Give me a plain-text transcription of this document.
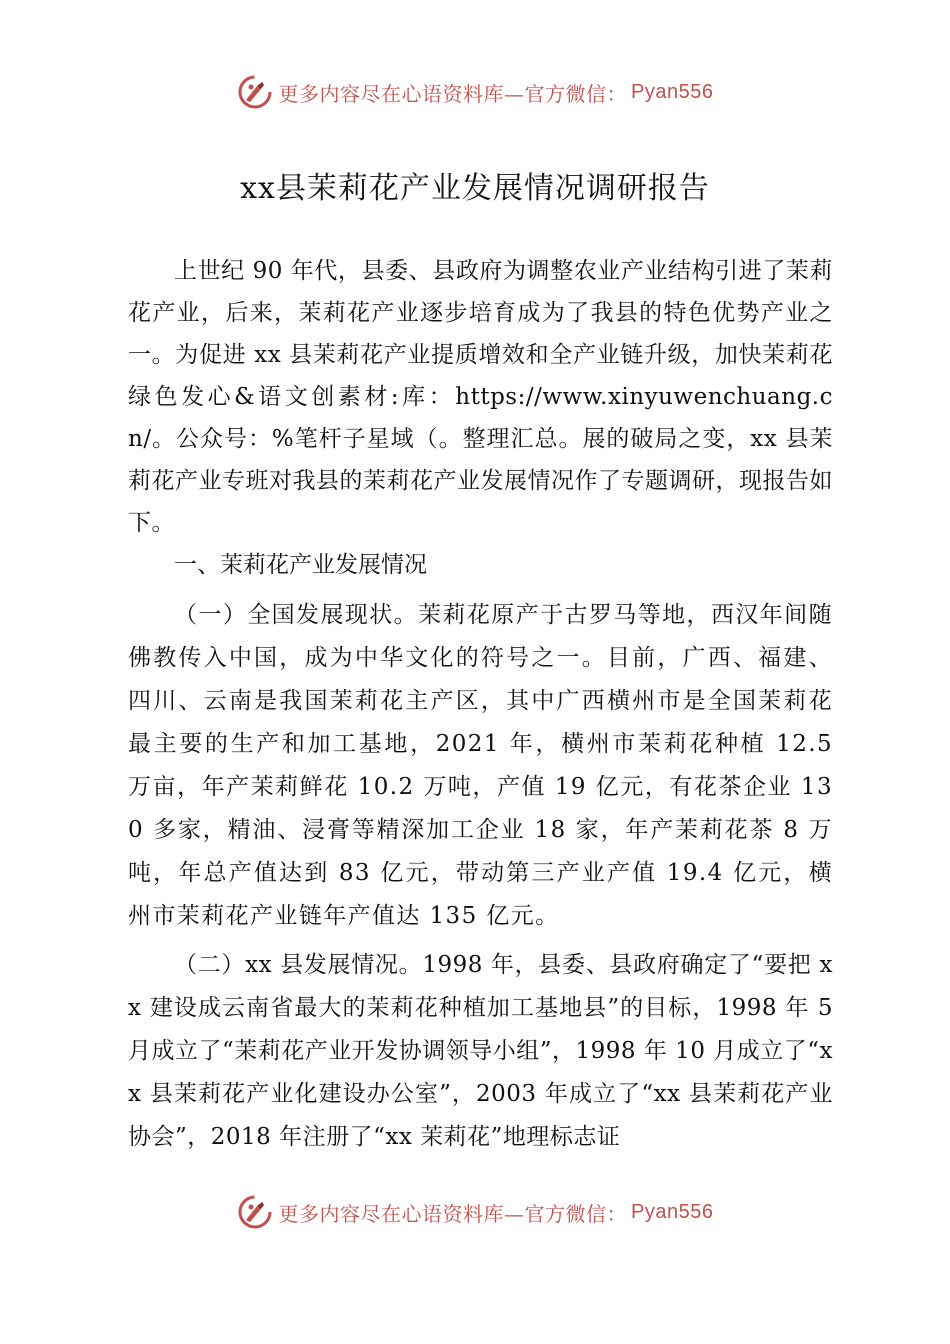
更多内容尽在心语资料库—官方微信： Pyan556
xx县茉莉花产业发展情况调研报告

上世纪 90 年代，县委、县政府为调整农业产业结构引进了茉莉花产业，后来，茉莉花产业逐步培育成为了我县的特色优势产业之一。为促进 xx 县茉莉花产业提质增效和全产业链升级，加快茉莉花绿色发心&语文创素材:库：https://www.xinyuwenchuang.cn/。公众号：%笔杆子星域（。整理汇总。展的破局之变，xx 县茉莉花产业专班对我县的茉莉花产业发展情况作了专题调研，现报告如下。

一、茉莉花产业发展情况

（一）全国发展现状。茉莉花原产于古罗马等地，西汉年间随佛教传入中国，成为中华文化的符号之一。目前，广西、福建、四川、云南是我国茉莉花主产区，其中广西横州市是全国茉莉花最主要的生产和加工基地，2021 年，横州市茉莉花种植 12.5 万亩，年产茉莉鲜花 10.2 万吨，产值 19 亿元，有花茶企业 130 多家，精油、浸膏等精深加工企业 18 家，年产茉莉花茶 8 万吨，年总产值达到 83 亿元，带动第三产业产值 19.4 亿元，横州市茉莉花产业链年产值达 135 亿元。

（二）xx 县发展情况。1998 年，县委、县政府确定了“要把 xx 建设成云南省最大的茉莉花种植加工基地县”的目标，1998 年 5 月成立了“茉莉花产业开发协调领导小组”，1998 年 10 月成立了“xx 县茉莉花产业化建设办公室”，2003 年成立了“xx 县茉莉花产业协会”，2018 年注册了“xx 茉莉花”地理标志证

更多内容尽在心语资料库—官方微信： Pyan556
